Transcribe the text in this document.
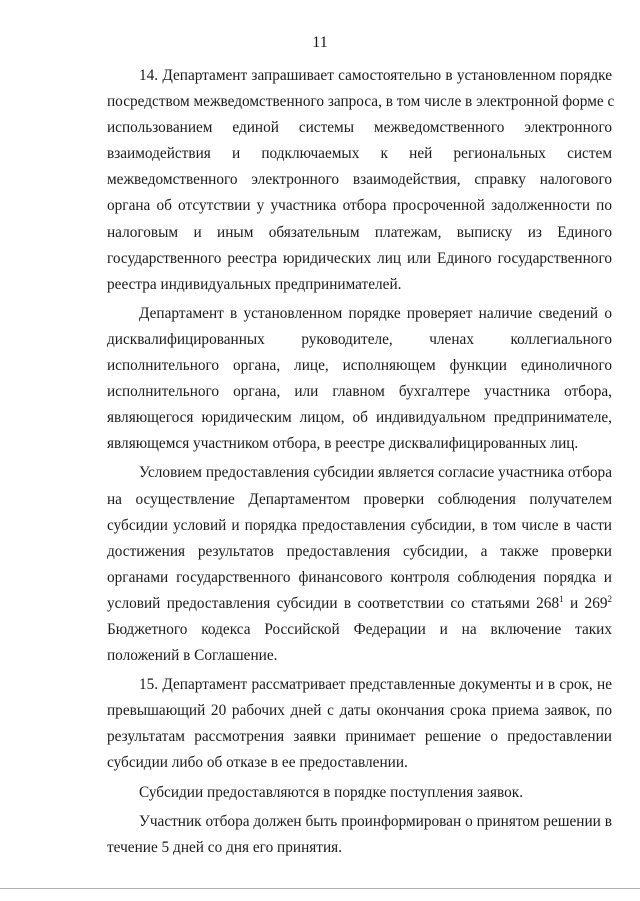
11

14. Департамент запрашивает самостоятельно в установленном порядке
посредством межведомственного запроса, в том числе в электронной форме с
использованием единой системы межведомственного электронного
взаимодействия и подключаемых к ней региональных систем
межведомственного электронного взаимодействия, справку налогового
органа об отсутствии у участника отбора просроченной задолженности по
налоговым и иным обязательным платежам, выписку из Единого
государственного реестра юридических лиц или Единого государственного
реестра индивидуальных предпринимателей.

Департамент в установленном порядке проверяет наличие сведений о
дисквалифицированных руководителе, членах коллегиального
исполнительного органа, лице, исполняющем функции единоличного
исполнительного органа, или главном бухгалтере участника отбора,
являющегося юридическим лицом, об индивидуальном предпринимателе,
являющемся участником отбора, в реестре дисквалифицированных лиц.

Условием предоставления субсидии является согласие участника отбора
на осуществление Департаментом проверки соблюдения получателем
субсидии условий и порядка предоставления субсидии, в том числе в части
достижения результатов предоставления субсидии, а также проверки
органами государственного финансового контроля соблюдения порядка и
условий предоставления субсидии в соответствии со статьями $268^1$ и $269^2$
Бюджетного кодекса Российской Федерации и на включение таких
положений в Соглашение.

15. Департамент рассматривает представленные документы и в срок, не
превышающий 20 рабочих дней с даты окончания срока приема заявок, по
результатам рассмотрения заявки принимает решение о предоставлении
субсидии либо об отказе в ее предоставлении.

Субсидии предоставляются в порядке поступления заявок.

Участник отбора должен быть проинформирован о принятом решении в
течение 5 дней со дня его принятия.
